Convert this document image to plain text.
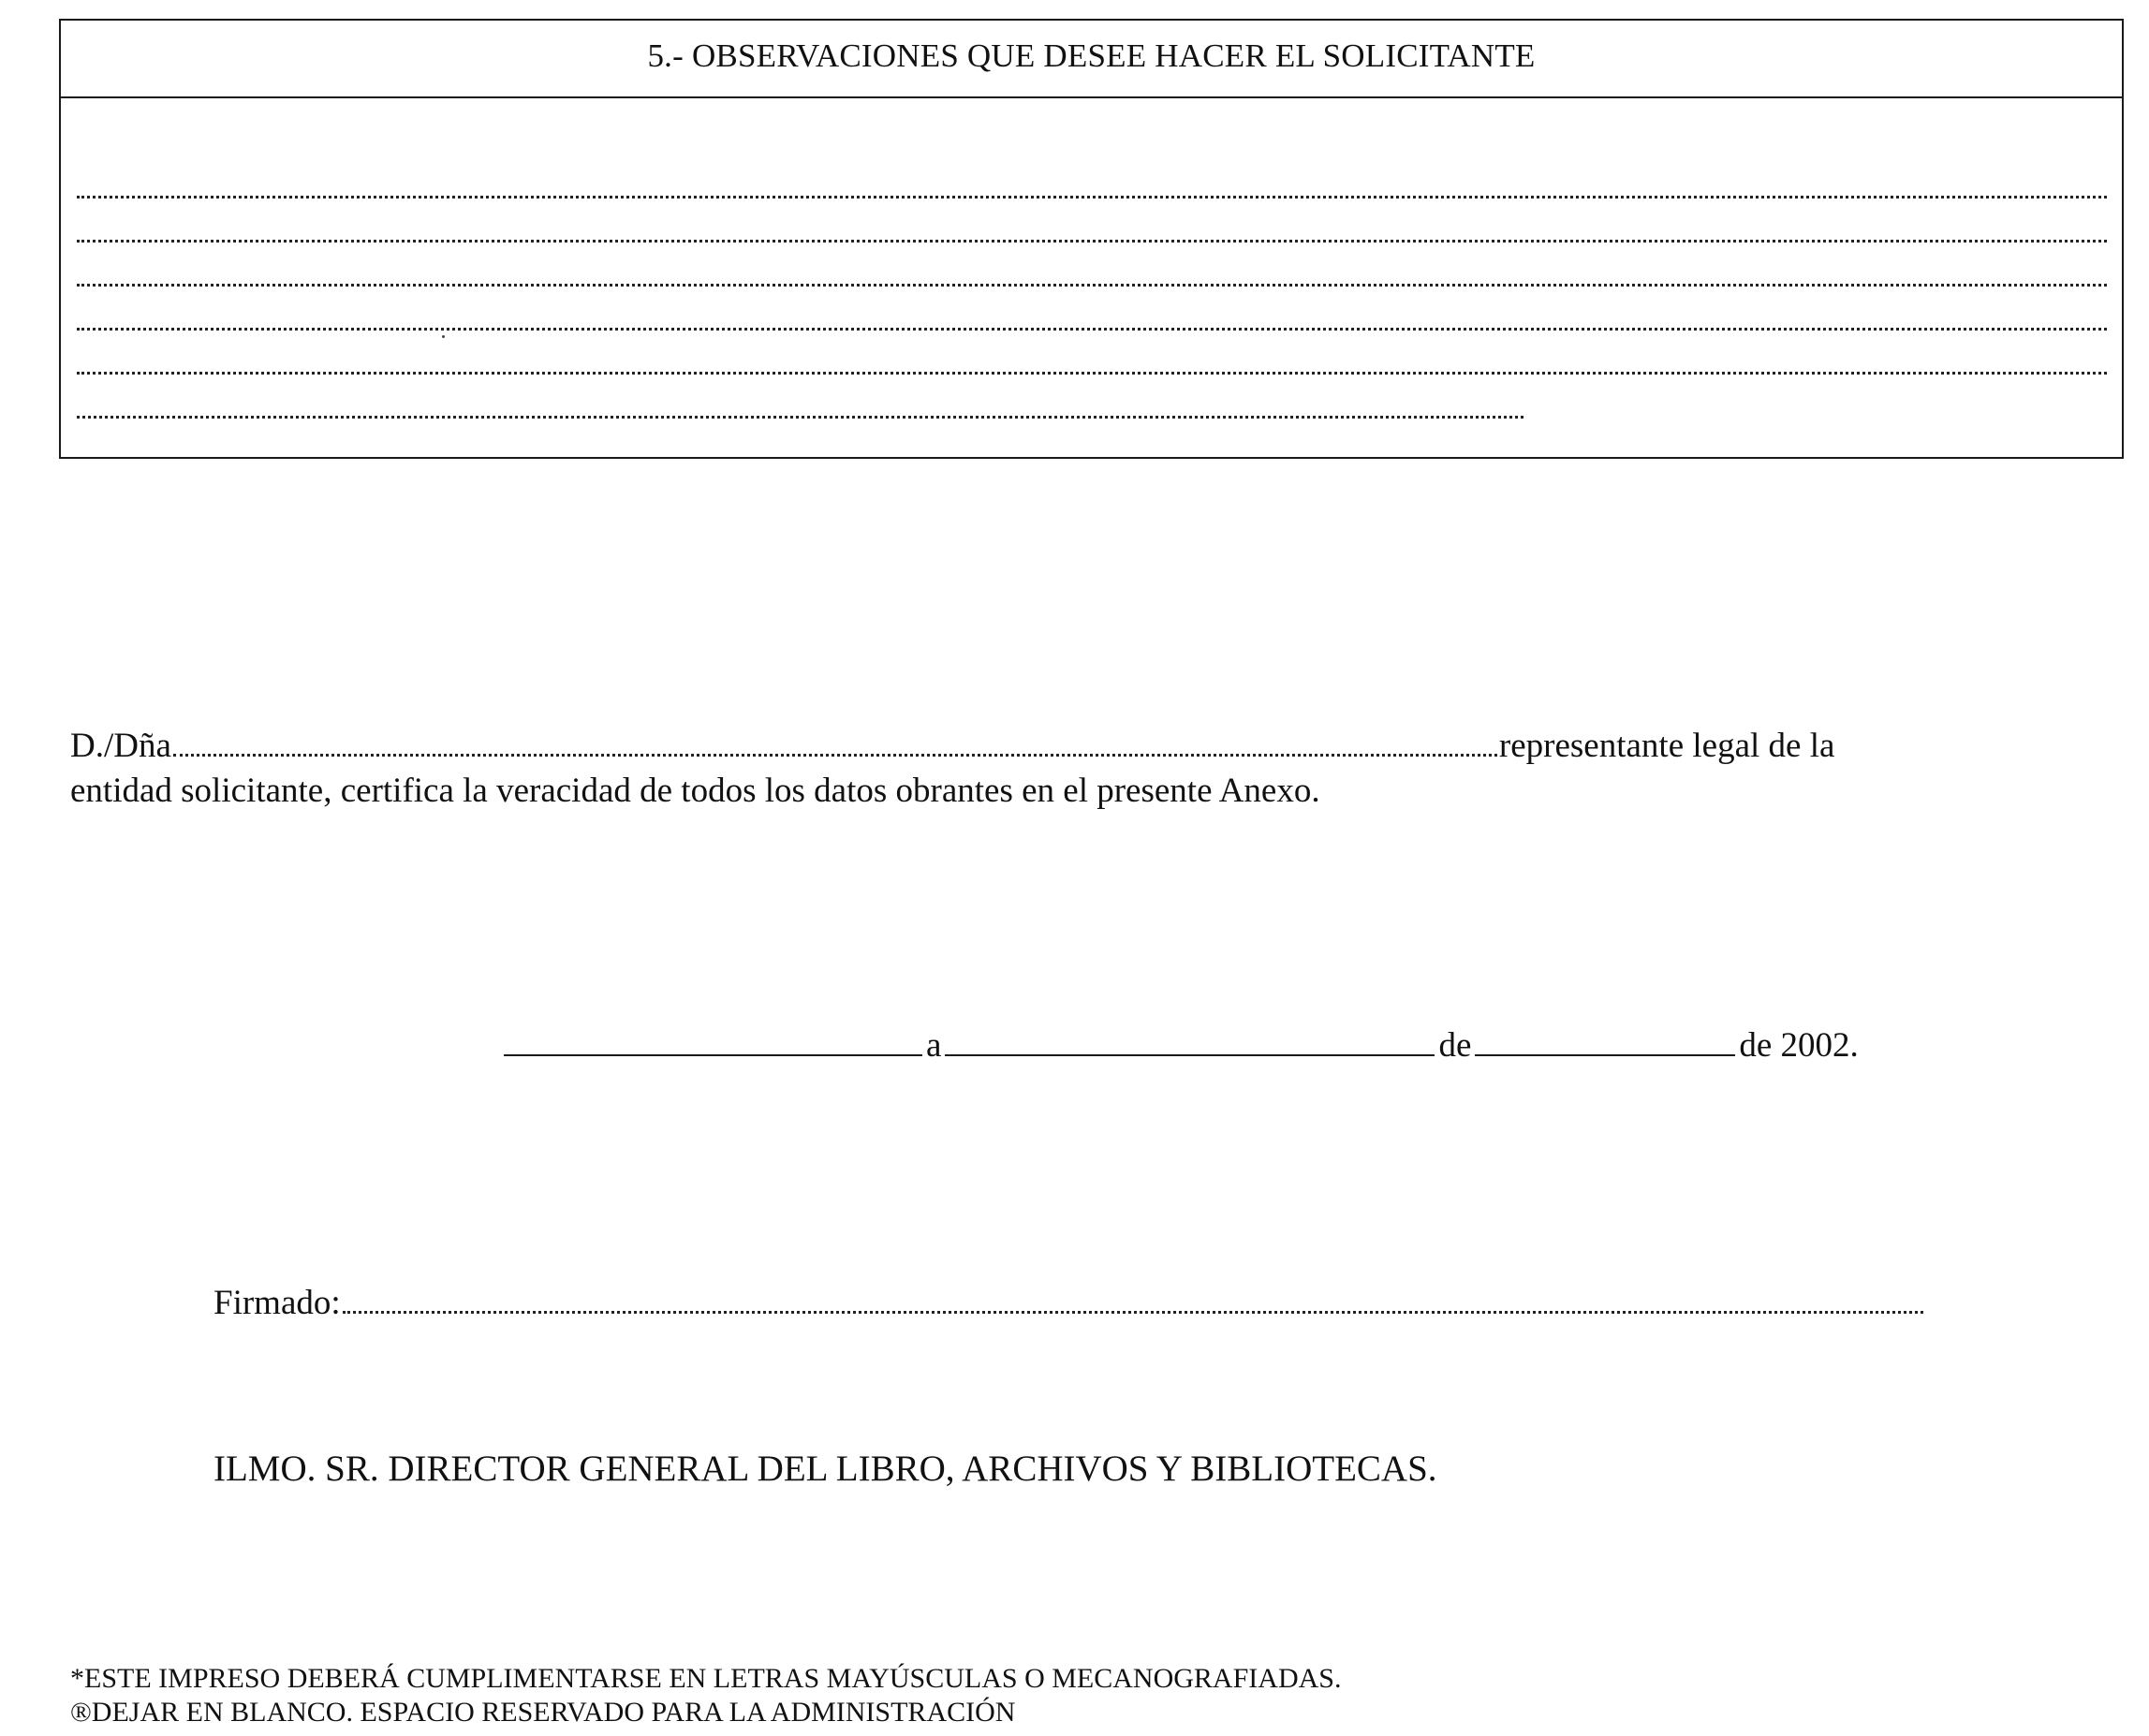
5.- OBSERVACIONES QUE DESEE HACER EL SOLICITANTE
D./Dña	representante legal de la
entidad solicitante, certifica la veracidad de todos los datos obrantes en el presente Anexo.
a	de	de 2002.
Firmado:
ILMO. SR. DIRECTOR GENERAL DEL LIBRO, ARCHIVOS Y BIBLIOTECAS.
*ESTE IMPRESO DEBERÁ CUMPLIMENTARSE EN LETRAS MAYÚSCULAS O MECANOGRAFIADAS.
®DEJAR EN BLANCO. ESPACIO RESERVADO PARA LA ADMINISTRACIÓN
